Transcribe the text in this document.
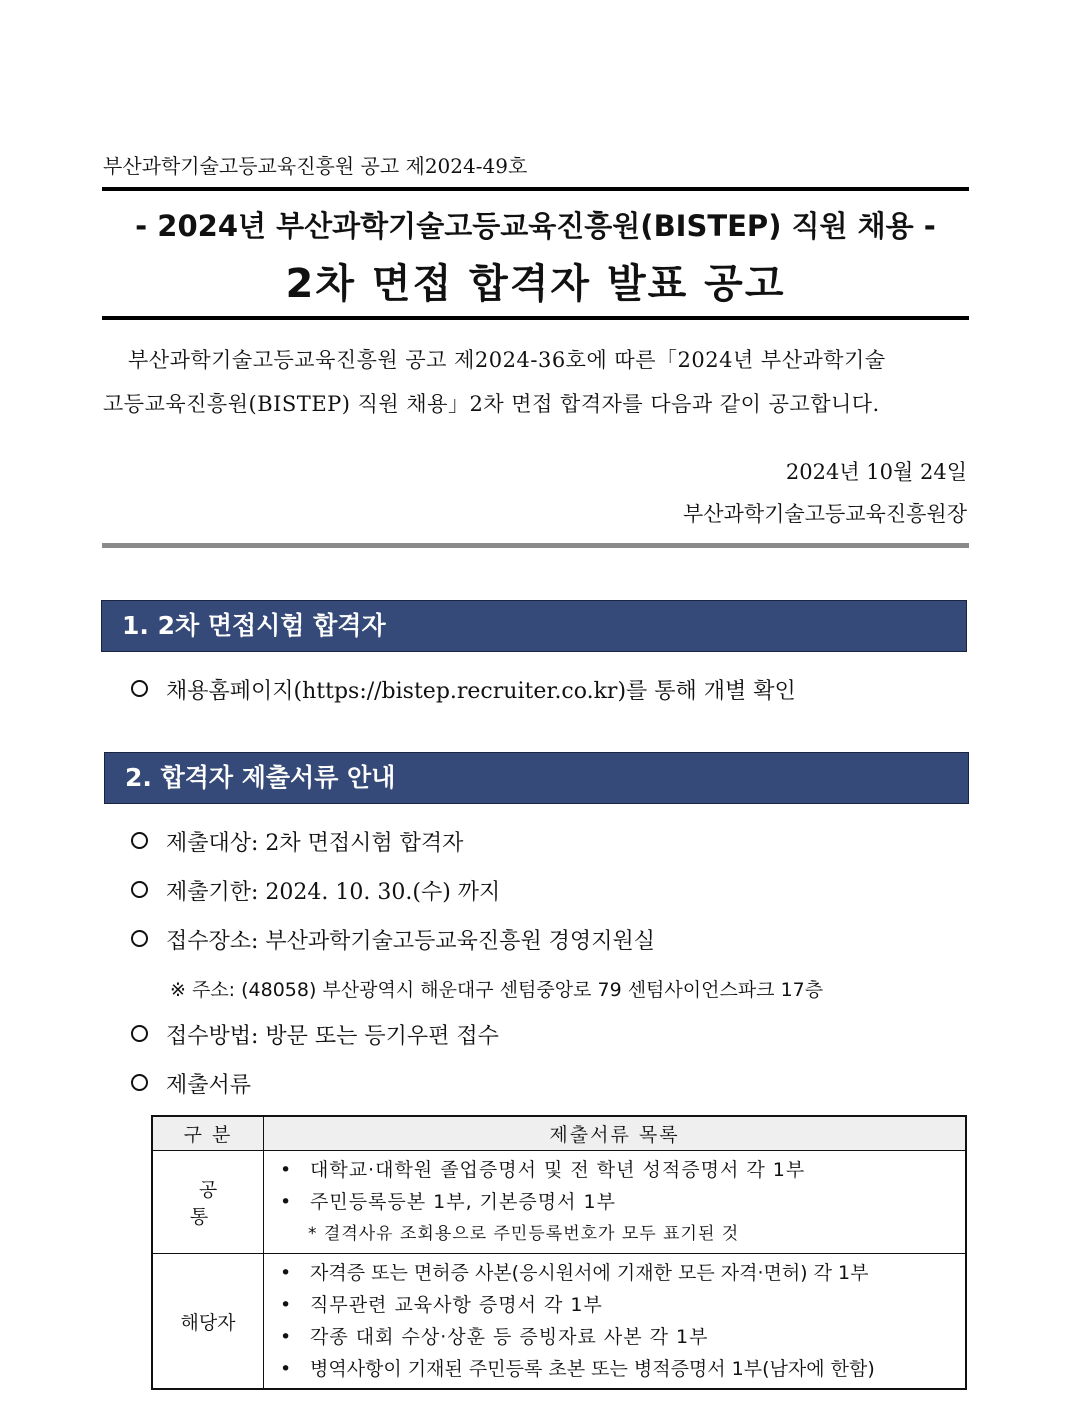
부산과학기술고등교육진흥원 공고 제2024-49호
- 2024년 부산과학기술고등교육진흥원(BISTEP) 직원 채용 -
2차 면접 합격자 발표 공고
부산과학기술고등교육진흥원 공고 제2024-36호에 따른「2024년 부산과학기술
고등교육진흥원(BISTEP) 직원 채용」2차 면접 합격자를 다음과 같이 공고합니다.
2024년 10월 24일
부산과학기술고등교육진흥원장
1. 2차 면접시험 합격자
채용홈페이지(https://bistep.recruiter.co.kr)를 통해 개별 확인
2. 합격자 제출서류 안내
제출대상: 2차 면접시험 합격자
제출기한: 2024. 10. 30.(수) 까지
접수장소: 부산과학기술고등교육진흥원 경영지원실
※ 주소: (48058) 부산광역시 해운대구 센텀중앙로 79 센텀사이언스파크 17층
접수방법: 방문 또는 등기우편 접수
제출서류
구 분	제출서류 목록
공 통	• 대학교·대학원 졸업증명서 및 전 학년 성적증명서 각 1부
• 주민등록등본 1부, 기본증명서 1부
* 결격사유 조회용으로 주민등록번호가 모두 표기된 것

해당자	• 자격증 또는 면허증 사본(응시원서에 기재한 모든 자격·면허) 각 1부
• 직무관련 교육사항 증명서 각 1부
• 각종 대회 수상·상훈 등 증빙자료 사본 각 1부
• 병역사항이 기재된 주민등록 초본 또는 병적증명서 1부(남자에 한함)
